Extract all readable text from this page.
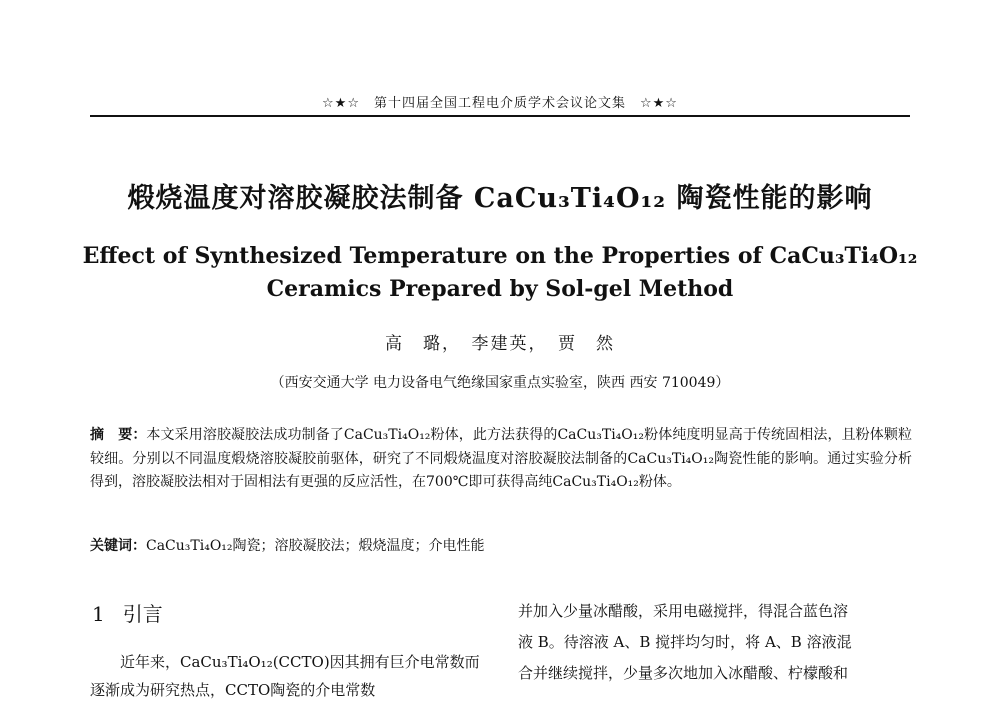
☆★☆　第十四届全国工程电介质学术会议论文集　☆★☆
煅烧温度对溶胶凝胶法制备 CaCu₃Ti₄O₁₂ 陶瓷性能的影响
Effect of Synthesized Temperature on the Properties of CaCu₃Ti₄O₁₂
Ceramics Prepared by Sol-gel Method
高　璐，　李建英，　贾　然
（西安交通大学 电力设备电气绝缘国家重点实验室，陕西 西安 710049）
摘　要：本文采用溶胶凝胶法成功制备了CaCu₃Ti₄O₁₂粉体，此方法获得的CaCu₃Ti₄O₁₂粉体纯度明显高于传统固相法，且粉体颗粒较细。分别以不同温度煅烧溶胶凝胶前驱体，研究了不同煅烧温度对溶胶凝胶法制备的CaCu₃Ti₄O₁₂陶瓷性能的影响。通过实验分析得到，溶胶凝胶法相对于固相法有更强的反应活性，在700℃即可获得高纯CaCu₃Ti₄O₁₂粉体。
关键词：CaCu₃Ti₄O₁₂陶瓷；溶胶凝胶法；煅烧温度；介电性能
1 引言
近年来，CaCu₃Ti₄O₁₂(CCTO)因其拥有巨介电常数而逐渐成为研究热点，CCTO陶瓷的介电常数
并加入少量冰醋酸，采用电磁搅拌，得混合蓝色溶
液 B。待溶液 A、B 搅拌均匀时，将 A、B 溶液混
合并继续搅拌，少量多次地加入冰醋酸、柠檬酸和
